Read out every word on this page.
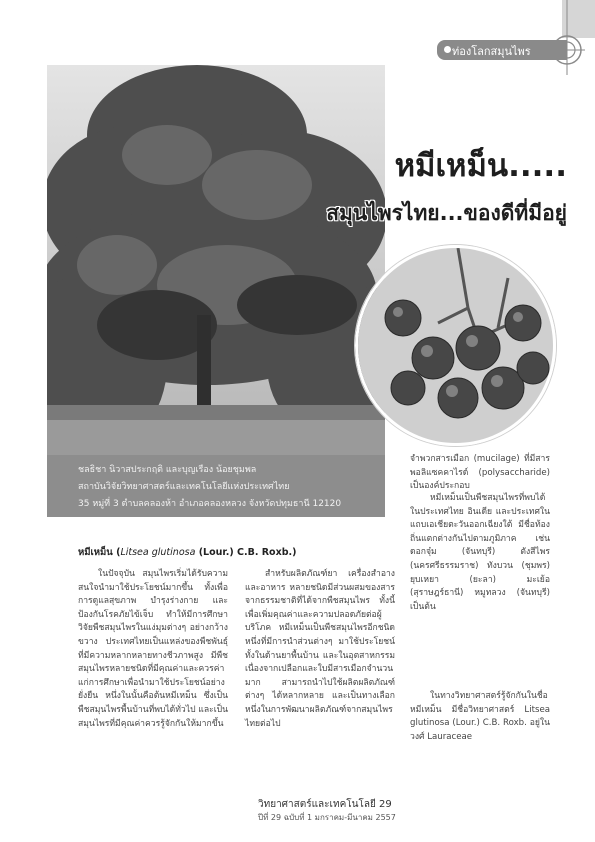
ท่องโลกสมุนไพร
หมีเหม็น.....
สมุนไพรไทย...ของดีที่มีอยู่
ชลธิชา นิวาสประกฤติ และบุญเรือง น้อยชุมพล
สถาบันวิจัยวิทยาศาสตร์และเทคโนโลยีแห่งประเทศไทย
35 หมู่ที่ 3 ตำบลคลองห้า อำเภอคลองหลวง จังหวัดปทุมธานี 12120
หมีเหม็น (Litsea glutinosa (Lour.) C.B. Roxb.)

ในปัจจุบัน สมุนไพรเริ่มได้รับความสนใจนำมาใช้ประโยชน์มากขึ้น ทั้งเพื่อการดูแลสุขภาพ บำรุงร่างกาย และป้องกันโรคภัยไข้เจ็บ ทำให้มีการศึกษาวิจัยพืชสมุนไพรในแง่มุมต่างๆ อย่างกว้างขวาง ประเทศไทยเป็นแหล่งของพืชพันธุ์ที่มีความหลากหลายทางชีวภาพสูง มีพืชสมุนไพรหลายชนิดที่มีคุณค่าและควรค่าแก่การศึกษาเพื่อนำมาใช้ประโยชน์อย่างยั่งยืน หนึ่งในนั้นคือต้นหมีเหม็น ซึ่งเป็นพืชสมุนไพรพื้นบ้านที่พบได้ทั่วไป และเป็นสมุนไพรที่มีคุณค่าควรรู้จักกันให้มากขึ้น

สำหรับผลิตภัณฑ์ยา เครื่องสำอาง และอาหาร หลายชนิดมีส่วนผสมของสารจากธรรมชาติที่ได้จากพืชสมุนไพร ทั้งนี้เพื่อเพิ่มคุณค่าและความปลอดภัยต่อผู้บริโภค หมีเหม็นเป็นพืชสมุนไพรอีกชนิดหนึ่งที่มีการนำส่วนต่างๆ มาใช้ประโยชน์ทั้งในด้านยาพื้นบ้าน และในอุตสาหกรรม เนื่องจากเปลือกและใบมีสารเมือกจำนวนมาก สามารถนำไปใช้ผลิตผลิตภัณฑ์ต่างๆ ได้หลากหลาย และเป็นทางเลือกหนึ่งในการพัฒนาผลิตภัณฑ์จากสมุนไพรไทยต่อไป

จำพวกสารเมือก (mucilage) ที่มีสารพอลิแซคคาไรด์ (polysaccharide) เป็นองค์ประกอบ

หมีเหม็นเป็นพืชสมุนไพรที่พบได้ในประเทศไทย อินเดีย และประเทศในแถบเอเชียตะวันออกเฉียงใต้ มีชื่อท้องถิ่นแตกต่างกันไปตามภูมิภาค เช่น ดอกจุ๋ม (จันทบุรี) ตังสีไพร (นครศรีธรรมราช) ทังบวน (ชุมพร) ยุบเหยา (ยะลา) มะเย้อ (สุราษฎร์ธานี) หมูทลวง (จันทบุรี) เป็นต้น

ในทางวิทยาศาสตร์รู้จักกันในชื่อ หมีเหม็น มีชื่อวิทยาศาสตร์ Litsea glutinosa (Lour.) C.B. Roxb. อยู่ในวงศ์ Lauraceae

วิทยาศาสตร์และเทคโนโลยี 29
ปีที่ 29 ฉบับที่ 1 มกราคม-มีนาคม 2557
